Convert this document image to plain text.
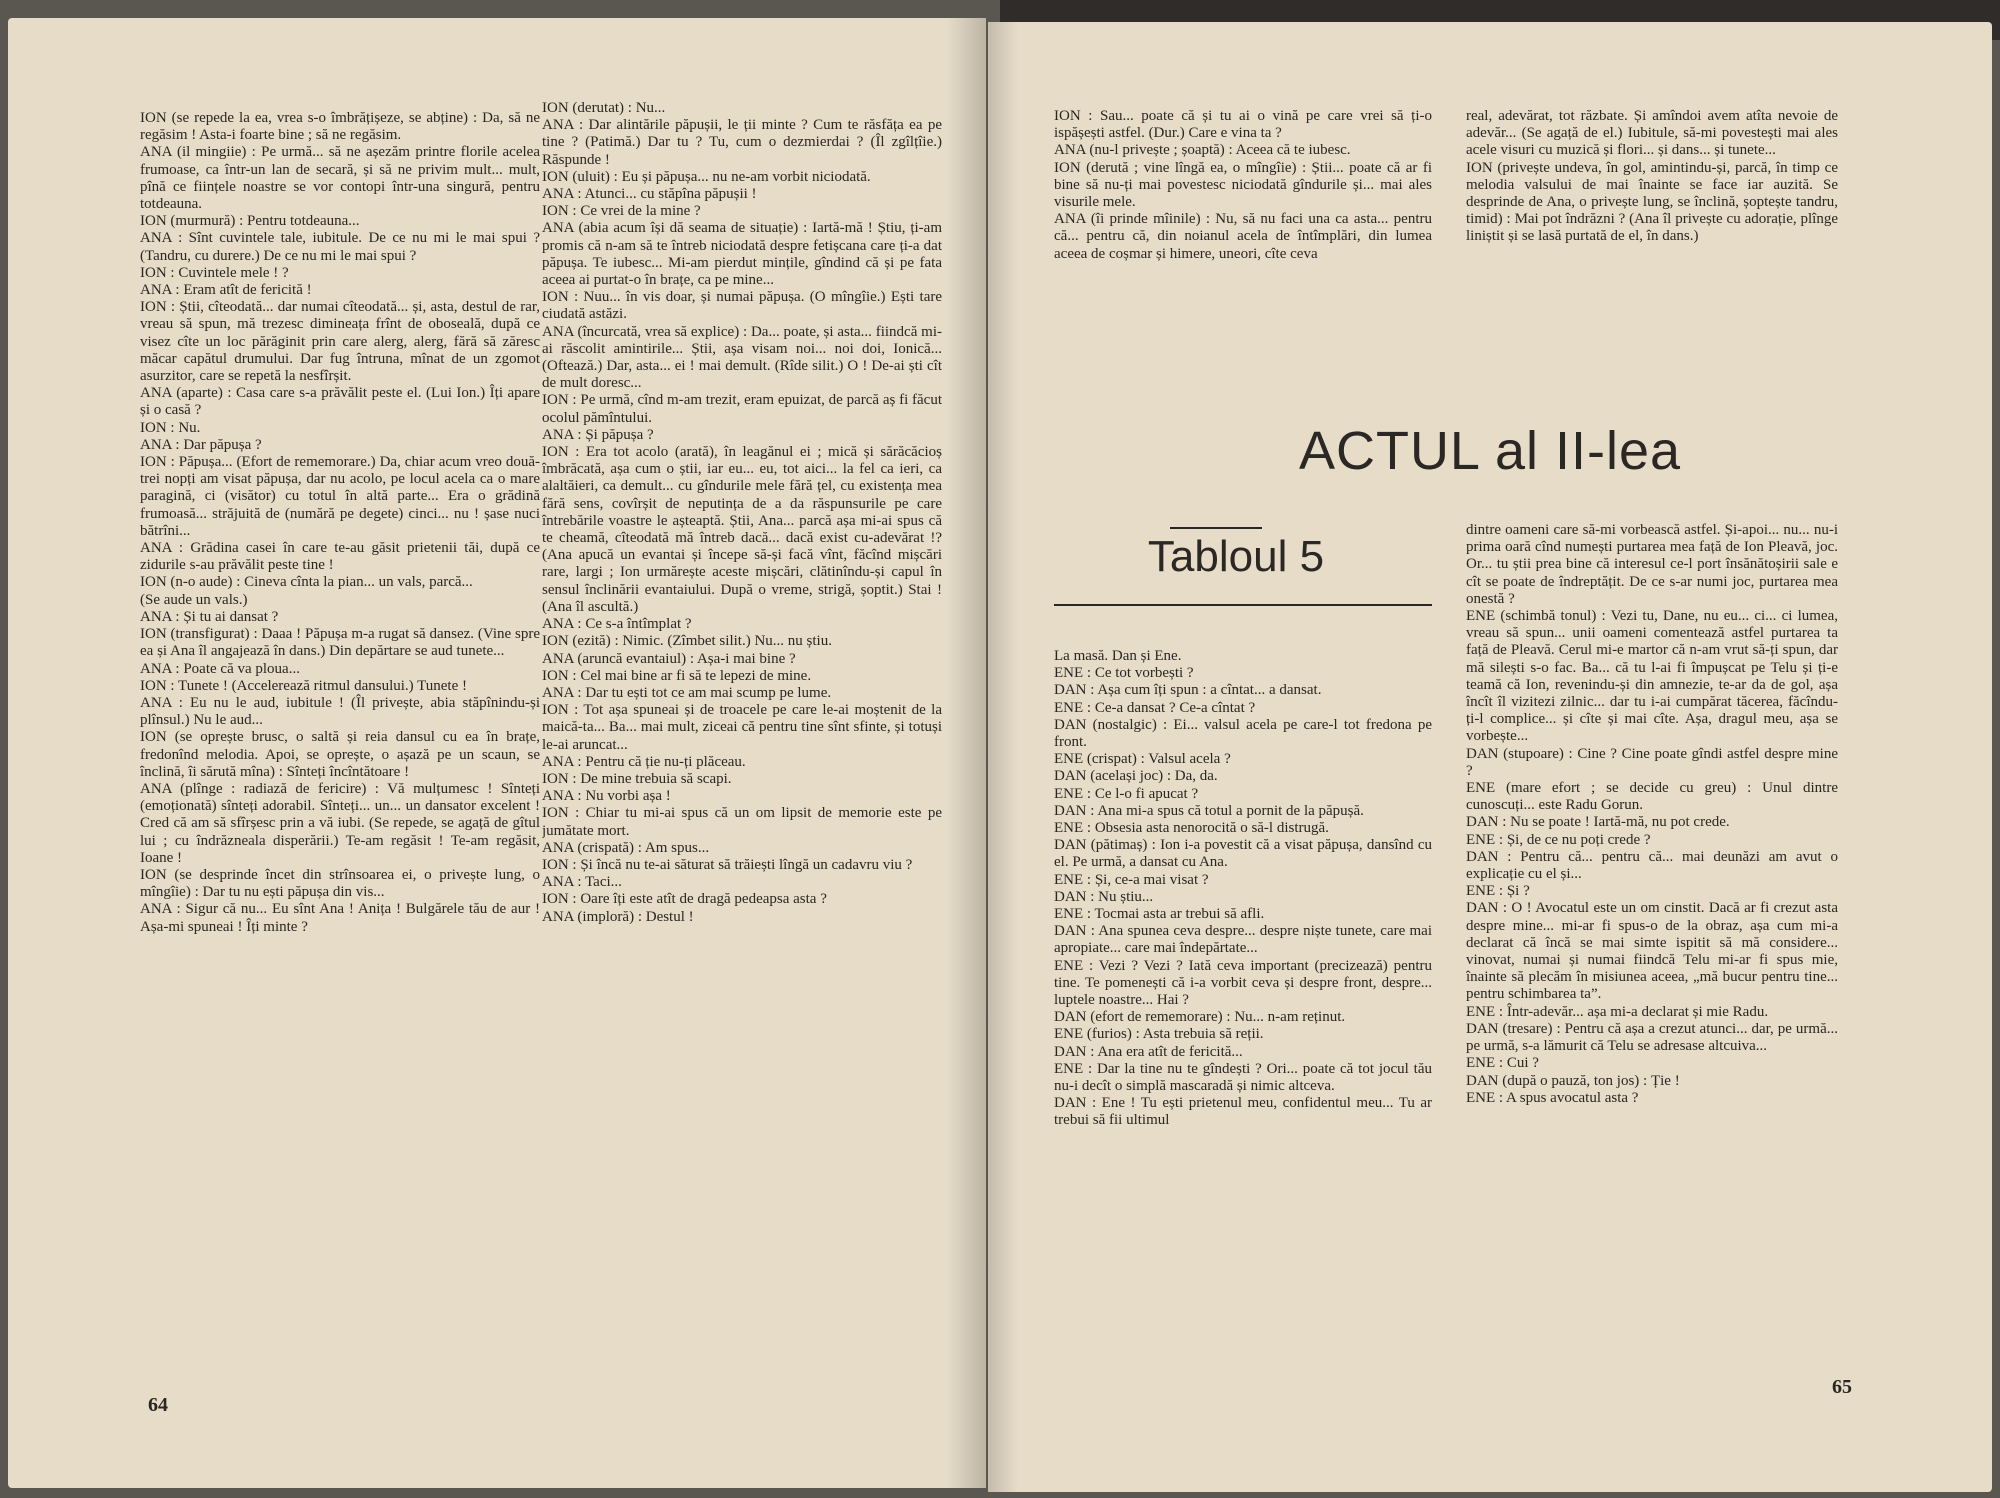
ION (se repede la ea, vrea s-o îmbrățișeze, se abține) : Da, să ne regăsim ! Asta-i foarte bine ; să ne regăsim.

ANA (il mingiie) : Pe urmă... să ne așezăm printre florile acelea frumoase, ca într-un lan de secară, și să ne privim mult... mult, pînă ce ființele noastre se vor contopi într-una singură, pentru totdeauna.

ION (murmură) : Pentru totdeauna...

ANA : Sînt cuvintele tale, iubitule. De ce nu mi le mai spui ? (Tandru, cu durere.) De ce nu mi le mai spui ?

ION : Cuvintele mele ! ?

ANA : Eram atît de fericită !

ION : Știi, cîteodată... dar numai cîteodată... și, asta, destul de rar, vreau să spun, mă trezesc dimineața frînt de oboseală, după ce visez cîte un loc părăginit prin care alerg, alerg, fără să zăresc măcar capătul drumului. Dar fug întruna, mînat de un zgomot asurzitor, care se repetă la nesfîrșit.

ANA (aparte) : Casa care s-a prăvălit peste el. (Lui Ion.) Îți apare și o casă ?

ION : Nu.

ANA : Dar păpușa ?

ION : Păpușa... (Efort de rememorare.) Da, chiar acum vreo două-trei nopți am visat păpușa, dar nu acolo, pe locul acela ca o mare paragină, ci (visător) cu totul în altă parte... Era o grădină frumoasă... străjuită de (numără pe degete) cinci... nu ! șase nuci bătrîni...

ANA : Grădina casei în care te-au găsit prietenii tăi, după ce zidurile s-au prăvălit peste tine !

ION (n-o aude) : Cineva cînta la pian... un vals, parcă...

(Se aude un vals.)

ANA : Și tu ai dansat ?

ION (transfigurat) : Daaa ! Păpușa m-a rugat să dansez. (Vine spre ea și Ana îl angajează în dans.) Din depărtare se aud tunete...

ANA : Poate că va ploua...

ION : Tunete ! (Accelerează ritmul dansului.) Tunete !

ANA : Eu nu le aud, iubitule ! (Îl privește, abia stăpînindu-și plînsul.) Nu le aud...

ION (se oprește brusc, o saltă și reia dansul cu ea în brațe, fredonînd melodia. Apoi, se oprește, o așază pe un scaun, se înclină, îi sărută mîna) : Sînteți încîntătoare !

ANA (plînge : radiază de fericire) : Vă mulțumesc ! Sînteți (emoționată) sînteți adorabil. Sînteți... un... un dansator excelent ! Cred că am să sfîrșesc prin a vă iubi. (Se repede, se agață de gîtul lui ; cu îndrăzneala disperării.) Te-am regăsit ! Te-am regăsit, Ioane !

ION (se desprinde încet din strînsoarea ei, o privește lung, o mîngîie) : Dar tu nu ești păpușa din vis...

ANA : Sigur că nu... Eu sînt Ana ! Anița ! Bulgărele tău de aur ! Așa-mi spuneai ! Îți minte ?

ION (derutat) : Nu...

ANA : Dar alintările păpușii, le ții minte ? Cum te răsfăța ea pe tine ? (Patimă.) Dar tu ? Tu, cum o dezmierdai ? (Îl zgîlțîie.) Răspunde !

ION (uluit) : Eu și păpușa... nu ne-am vorbit niciodată.

ANA : Atunci... cu stăpîna păpușii !

ION : Ce vrei de la mine ?

ANA (abia acum își dă seama de situație) : Iartă-mă ! Știu, ți-am promis că n-am să te întreb niciodată despre fetișcana care ți-a dat păpușa. Te iubesc... Mi-am pierdut mințile, gîndind că și pe fata aceea ai purtat-o în brațe, ca pe mine...

ION : Nuu... în vis doar, și numai păpușa. (O mîngîie.) Ești tare ciudată astăzi.

ANA (încurcată, vrea să explice) : Da... poate, și asta... fiindcă mi-ai răscolit amintirile... Știi, așa visam noi... noi doi, Ionică... (Oftează.) Dar, asta... ei ! mai demult. (Rîde silit.) O ! De-ai ști cît de mult doresc...

ION : Pe urmă, cînd m-am trezit, eram epuizat, de parcă aș fi făcut ocolul pămîntului.

ANA : Și păpușa ?

ION : Era tot acolo (arată), în leagănul ei ; mică și sărăcăcioș îmbrăcată, așa cum o știi, iar eu... eu, tot aici... la fel ca ieri, ca alaltăieri, ca demult... cu gîndurile mele fără țel, cu existența mea fără sens, covîrșit de neputința de a da răspunsurile pe care întrebările voastre le așteaptă. Știi, Ana... parcă așa mi-ai spus că te cheamă, cîteodată mă întreb dacă... dacă exist cu-adevărat !? (Ana apucă un evantai și începe să-și facă vînt, făcînd mișcări rare, largi ; Ion urmărește aceste mișcări, clătinîndu-și capul în sensul înclinării evantaiului. După o vreme, strigă, șoptit.) Stai ! (Ana îl ascultă.)

ANA : Ce s-a întîmplat ?

ION (ezită) : Nimic. (Zîmbet silit.) Nu... nu știu.

ANA (aruncă evantaiul) : Așa-i mai bine ?

ION : Cel mai bine ar fi să te lepezi de mine.

ANA : Dar tu ești tot ce am mai scump pe lume.

ION : Tot așa spuneai și de troacele pe care le-ai moștenit de la maică-ta... Ba... mai mult, ziceai că pentru tine sînt sfinte, și totuși le-ai aruncat...

ANA : Pentru că ție nu-ți plăceau.

ION : De mine trebuia să scapi.

ANA : Nu vorbi așa !

ION : Chiar tu mi-ai spus că un om lipsit de memorie este pe jumătate mort.

ANA (crispată) : Am spus...

ION : Și încă nu te-ai săturat să trăiești lîngă un cadavru viu ?

ANA : Taci...

ION : Oare îți este atît de dragă pedeapsa asta ?

ANA (imploră) : Destul !

64

ION : Sau... poate că și tu ai o vină pe care vrei să ți-o ispășești astfel. (Dur.) Care e vina ta ?

ANA (nu-l privește ; șoaptă) : Aceea că te iubesc.

ION (derută ; vine lîngă ea, o mîngîie) : Știi... poate că ar fi bine să nu-ți mai povestesc niciodată gîndurile și... mai ales visurile mele.

ANA (îi prinde mîinile) : Nu, să nu faci una ca asta... pentru că... pentru că, din noianul acela de întîmplări, din lumea aceea de coșmar și himere, uneori, cîte ceva

real, adevărat, tot răzbate. Și amîndoi avem atîta nevoie de adevăr... (Se agață de el.) Iubitule, să-mi povestești mai ales acele visuri cu muzică și flori... și dans... și tunete...

ION (privește undeva, în gol, amintindu-și, parcă, în timp ce melodia valsului de mai înainte se face iar auzită. Se desprinde de Ana, o privește lung, se înclină, șoptește tandru, timid) : Mai pot îndrăzni ? (Ana îl privește cu adorație, plînge liniștit și se lasă purtată de el, în dans.)

ACTUL al II-lea
Tabloul 5

La masă. Dan și Ene.

ENE : Ce tot vorbești ?

DAN : Așa cum îți spun : a cîntat... a dansat.

ENE : Ce-a dansat ? Ce-a cîntat ?

DAN (nostalgic) : Ei... valsul acela pe care-l tot fredona pe front.

ENE (crispat) : Valsul acela ?

DAN (același joc) : Da, da.

ENE : Ce l-o fi apucat ?

DAN : Ana mi-a spus că totul a pornit de la păpușă.

ENE : Obsesia asta nenorocită o să-l distrugă.

DAN (pătimaș) : Ion i-a povestit că a visat păpușa, dansînd cu el. Pe urmă, a dansat cu Ana.

ENE : Și, ce-a mai visat ?

DAN : Nu știu...

ENE : Tocmai asta ar trebui să afli.

DAN : Ana spunea ceva despre... despre niște tunete, care mai apropiate... care mai îndepărtate...

ENE : Vezi ? Vezi ? Iată ceva important (precizează) pentru tine. Te pomenești că i-a vorbit ceva și despre front, despre... luptele noastre... Hai ?

DAN (efort de rememorare) : Nu... n-am reținut.

ENE (furios) : Asta trebuia să reții.

DAN : Ana era atît de fericită...

ENE : Dar la tine nu te gîndești ? Ori... poate că tot jocul tău nu-i decît o simplă mascaradă și nimic altceva.

DAN : Ene ! Tu ești prietenul meu, confidentul meu... Tu ar trebui să fii ultimul

dintre oameni care să-mi vorbească astfel. Și-apoi... nu... nu-i prima oară cînd numești purtarea mea față de Ion Pleavă, joc. Or... tu știi prea bine că interesul ce-l port însănătoșirii sale e cît se poate de îndreptățit. De ce s-ar numi joc, purtarea mea onestă ?

ENE (schimbă tonul) : Vezi tu, Dane, nu eu... ci... ci lumea, vreau să spun... unii oameni comentează astfel purtarea ta față de Pleavă. Cerul mi-e martor că n-am vrut să-ți spun, dar mă silești s-o fac. Ba... că tu l-ai fi împușcat pe Telu și ți-e teamă că Ion, revenindu-și din amnezie, te-ar da de gol, așa încît îl vizitezi zilnic... dar tu i-ai cumpărat tăcerea, făcîndu-ți-l complice... și cîte și mai cîte. Așa, dragul meu, așa se vorbește...

DAN (stupoare) : Cine ? Cine poate gîndi astfel despre mine ?

ENE (mare efort ; se decide cu greu) : Unul dintre cunoscuți... este Radu Gorun.

DAN : Nu se poate ! Iartă-mă, nu pot crede.

ENE : Și, de ce nu poți crede ?

DAN : Pentru că... pentru că... mai deunăzi am avut o explicație cu el și...

ENE : Și ?

DAN : O ! Avocatul este un om cinstit. Dacă ar fi crezut asta despre mine... mi-ar fi spus-o de la obraz, așa cum mi-a declarat că încă se mai simte ispitit să mă considere... vinovat, numai și numai fiindcă Telu mi-ar fi spus mie, înainte să plecăm în misiunea aceea, „mă bucur pentru tine... pentru schimbarea ta”.

ENE : Într-adevăr... așa mi-a declarat și mie Radu.

DAN (tresare) : Pentru că așa a crezut atunci... dar, pe urmă... pe urmă, s-a lămurit că Telu se adresase altcuiva...

ENE : Cui ?

DAN (după o pauză, ton jos) : Ție !

ENE : A spus avocatul asta ?

65
